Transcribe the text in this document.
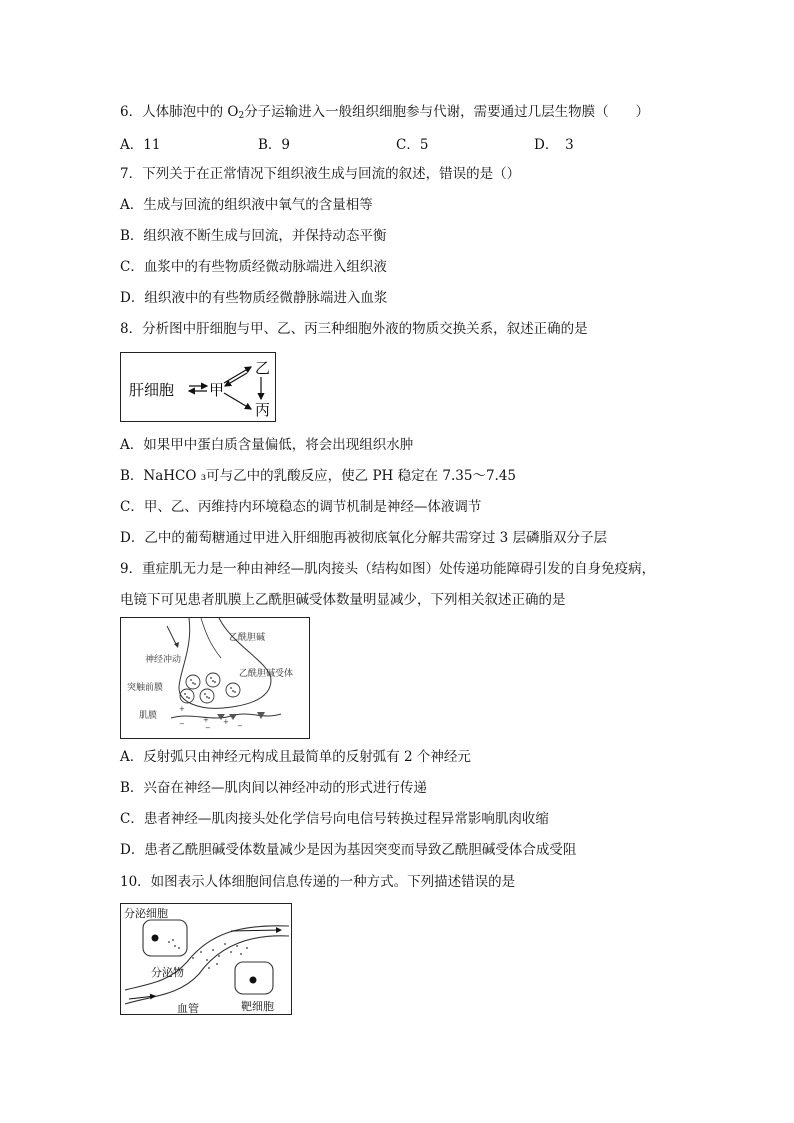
6．人体肺泡中的 $O_2$分子运输进入一般组织细胞参与代谢，需要通过几层生物膜（　　）
A．11	B．9	C．5	D．　3
7．下列关于在正常情况下组织液生成与回流的叙述，错误的是（）
A．生成与回流的组织液中氧气的含量相等
B．组织液不断生成与回流，并保持动态平衡
C．血浆中的有些物质经微动脉端进入组织液
D．组织液中的有些物质经微静脉端进入血浆
8．分析图中肝细胞与甲、乙、丙三种细胞外液的物质交换关系，叙述正确的是
肝细胞 甲
乙
丙
A．如果甲中蛋白质含量偏低，将会出现组织水肿
B．NaHCO ₃可与乙中的乳酸反应，使乙 PH 稳定在 7.35～7.45
C．甲、乙、丙维持内环境稳态的调节机制是神经—体液调节
D．乙中的葡萄糖通过甲进入肝细胞再被彻底氧化分解共需穿过 3 层磷脂双分子层
9．重症肌无力是一种由神经—肌肉接头（结构如图）处传递功能障碍引发的自身免疫病，
电镜下可见患者肌膜上乙酰胆碱受体数量明显减少，下列相关叙述正确的是
+
+ +
−	−	−
神经冲动
突触前膜
肌膜
乙酰胆碱
乙酰胆碱受体
A．反射弧只由神经元构成且最简单的反射弧有 2 个神经元
B．兴奋在神经—肌肉间以神经冲动的形式进行传递
C．患者神经—肌肉接头处化学信号向电信号转换过程异常影响肌肉收缩
D．患者乙酰胆碱受体数量减少是因为基因突变而导致乙酰胆碱受体合成受阻
10．如图表示人体细胞间信息传递的一种方式。下列描述错误的是
分泌细胞
分泌物
血管	靶细胞
